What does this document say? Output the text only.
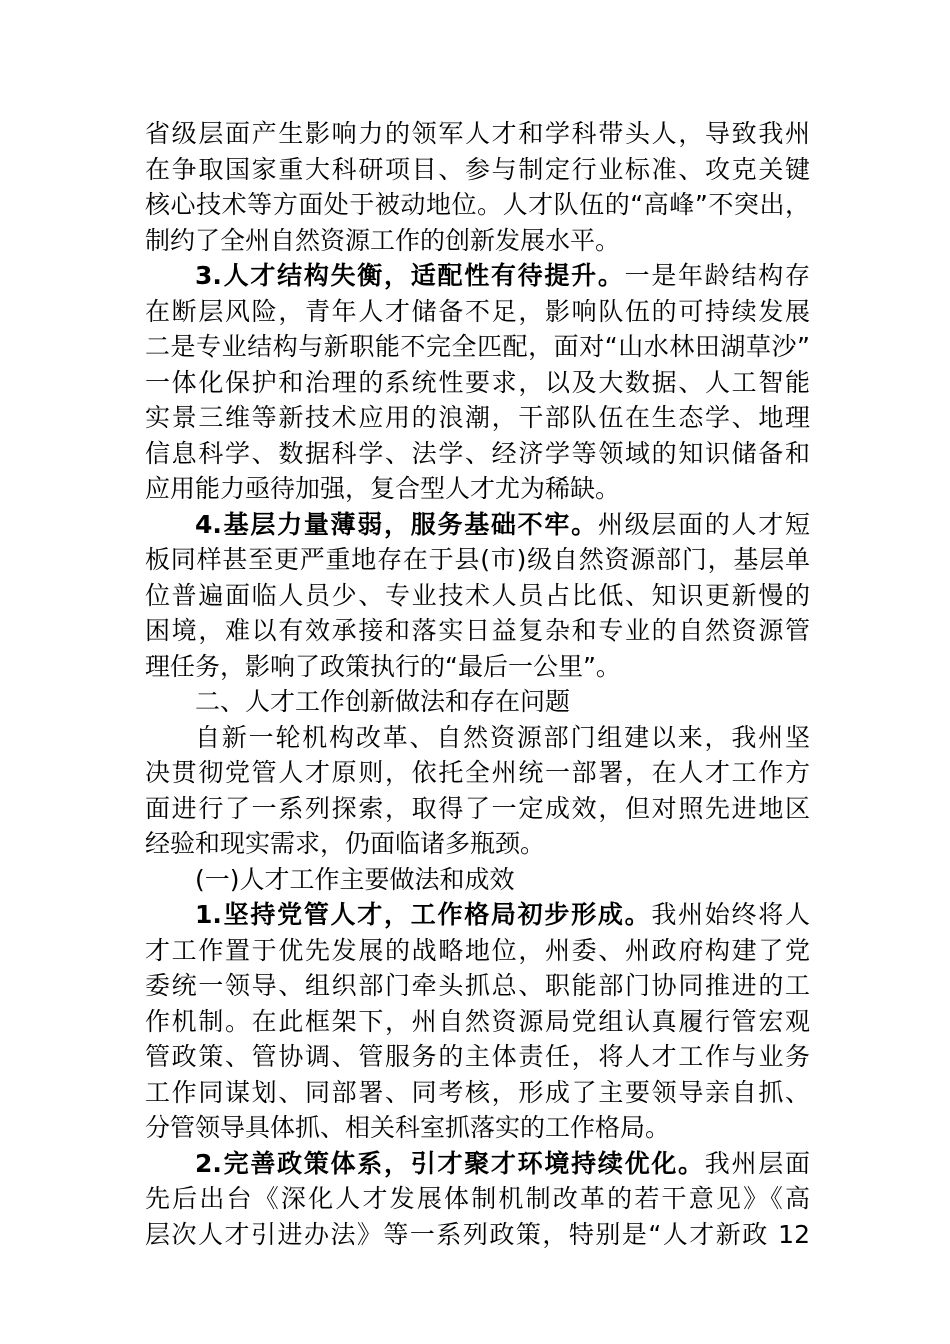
省级层面产生影响力的领军人才和学科带头人，导致我州
在争取国家重大科研项目、参与制定行业标准、攻克关键
核心技术等方面处于被动地位。人才队伍的“高峰”不突出，
制约了全州自然资源工作的创新发展水平。
3.人才结构失衡，适配性有待提升。一是年龄结构存
在断层风险，青年人才储备不足，影响队伍的可持续发展
二是专业结构与新职能不完全匹配，面对“山水林田湖草沙”
一体化保护和治理的系统性要求，以及大数据、人工智能
实景三维等新技术应用的浪潮，干部队伍在生态学、地理
信息科学、数据科学、法学、经济学等领域的知识储备和
应用能力亟待加强，复合型人才尤为稀缺。
4.基层力量薄弱，服务基础不牢。州级层面的人才短
板同样甚至更严重地存在于县(市)级自然资源部门，基层单
位普遍面临人员少、专业技术人员占比低、知识更新慢的
困境，难以有效承接和落实日益复杂和专业的自然资源管
理任务，影响了政策执行的“最后一公里”。
二、人才工作创新做法和存在问题
自新一轮机构改革、自然资源部门组建以来，我州坚
决贯彻党管人才原则，依托全州统一部署，在人才工作方
面进行了一系列探索，取得了一定成效，但对照先进地区
经验和现实需求，仍面临诸多瓶颈。
(一)人才工作主要做法和成效
1.坚持党管人才，工作格局初步形成。我州始终将人
才工作置于优先发展的战略地位，州委、州政府构建了党
委统一领导、组织部门牵头抓总、职能部门协同推进的工
作机制。在此框架下，州自然资源局党组认真履行管宏观
管政策、管协调、管服务的主体责任，将人才工作与业务
工作同谋划、同部署、同考核，形成了主要领导亲自抓、
分管领导具体抓、相关科室抓落实的工作格局。
2.完善政策体系，引才聚才环境持续优化。我州层面
先后出台《深化人才发展体制机制改革的若干意见》《高
层次人才引进办法》等一系列政策，特别是“人才新政 12
